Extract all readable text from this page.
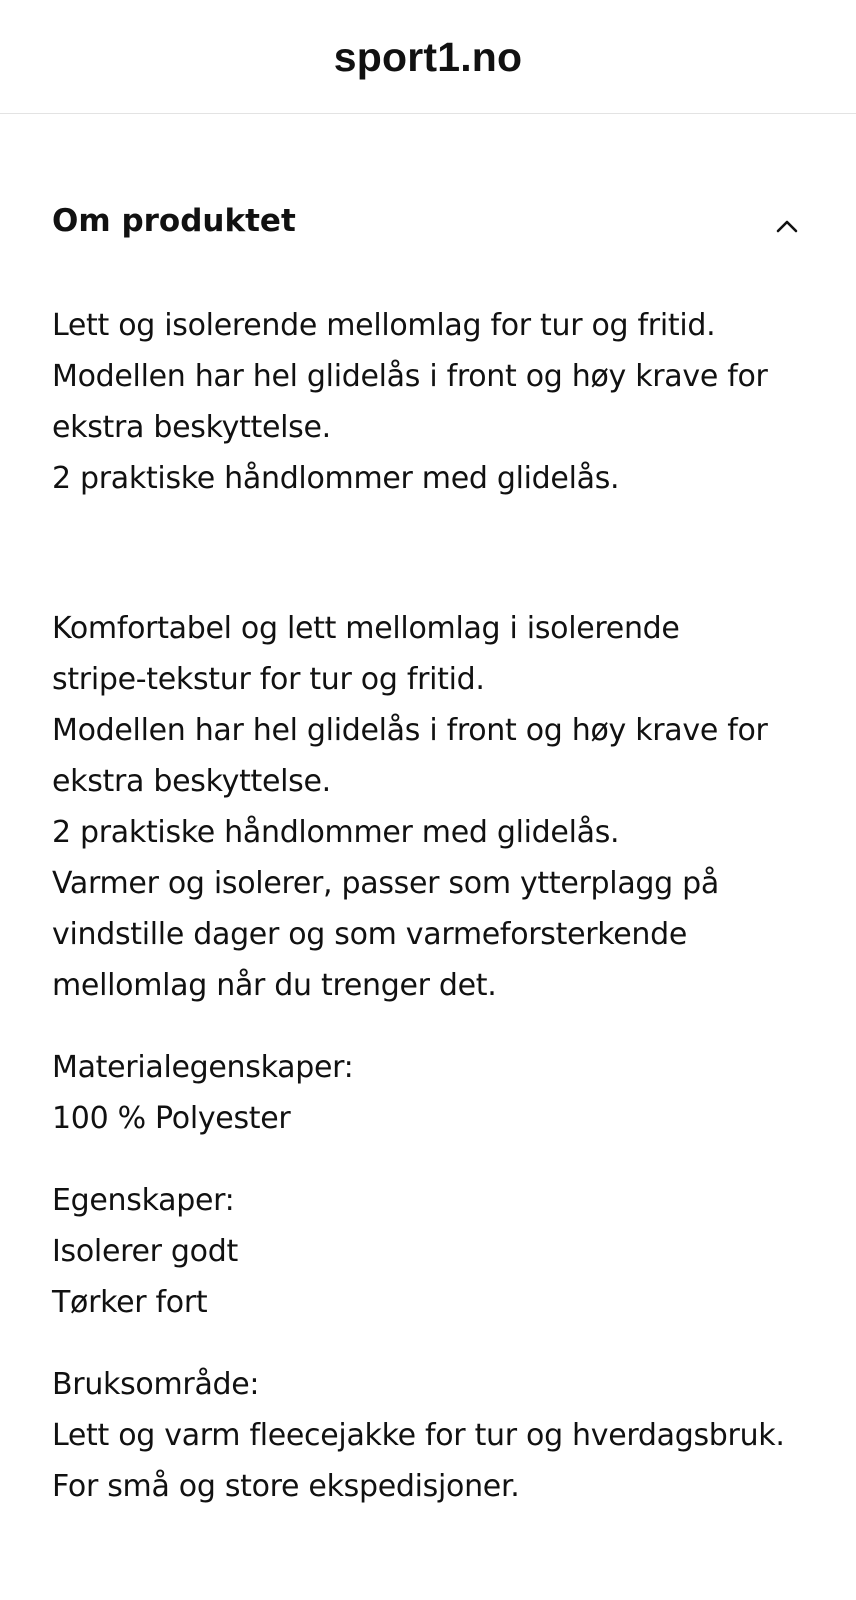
sport1.no
Om produktet

Lett og isolerende mellomlag for tur og fritid.
Modellen har hel glidelås i front og høy krave for
ekstra beskyttelse.
2 praktiske håndlommer med glidelås.

Komfortabel og lett mellomlag i isolerende
stripe-tekstur for tur og fritid.
Modellen har hel glidelås i front og høy krave for
ekstra beskyttelse.
2 praktiske håndlommer med glidelås.
Varmer og isolerer, passer som ytterplagg på
vindstille dager og som varmeforsterkende
mellomlag når du trenger det.

Materialegenskaper:
100 % Polyester

Egenskaper:
Isolerer godt
Tørker fort

Bruksområde:
Lett og varm fleecejakke for tur og hverdagsbruk.
For små og store ekspedisjoner.
